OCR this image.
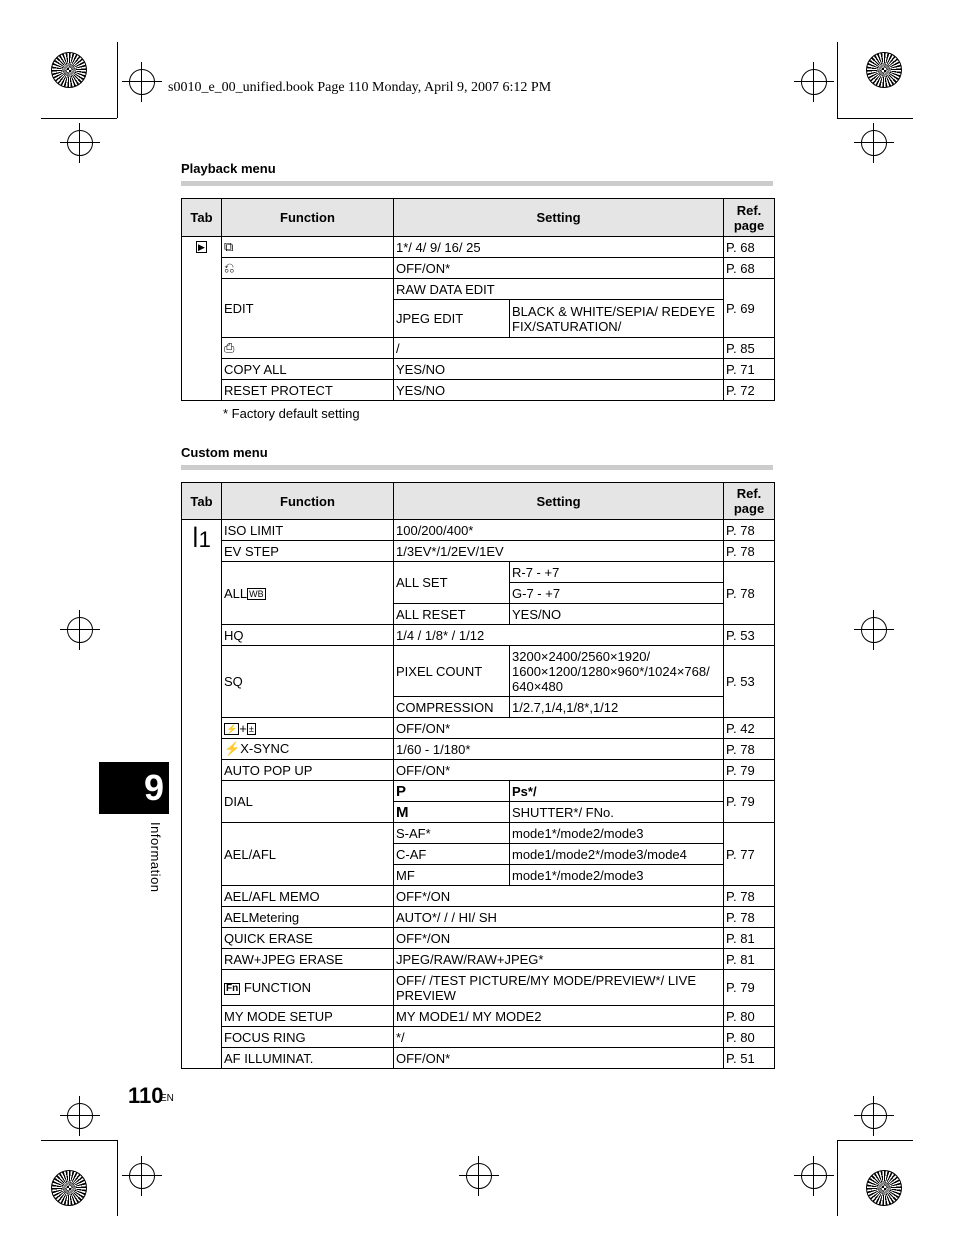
s0010_e_00_unified.book Page 110 Monday, April 9, 2007 6:12 PM
Playback menu
Tab	Function	Setting		Ref. page
▶	⧉	1*/ 4/ 9/ 16/ 25		P. 68
	⎌	OFF/ON*		P. 68
	EDIT	RAW DATA EDIT		P. 69
		JPEG EDIT	BLACK & WHITE/SEPIA/ REDEYE FIX/SATURATION/	
	⎙	/		P. 85
	COPY ALL	YES/NO		P. 71
	RESET PROTECT	YES/NO		P. 72
* Factory default setting
Custom menu
Tab	Function	Setting		Ref. page
ꟾ1	ISO LIMIT	100/200/400*		P. 78
	EV STEP	1/3EV*/1/2EV/1EV		P. 78
	ALL WB	ALL SET	R-7 - +7	P. 78
			G-7 - +7	
		ALL RESET	YES/NO	
	HQ	1/4 / 1/8* / 1/12		P. 53
	SQ	PIXEL COUNT	3200×2400/2560×1920/ 1600×1200/1280×960*/1024×768/ 640×480	P. 53
		COMPRESSION	1/2.7,1/4,1/8*,1/12	
	⚡ + ±	OFF/ON*		P. 42
	⚡X-SYNC	1/60 - 1/180*		P. 78
	AUTO POP UP	OFF/ON*		P. 79
	DIAL	P	Ps*/	P. 79
		M	SHUTTER*/ FNo.	
	AEL/AFL	S-AF*	mode1*/mode2/mode3	P. 77
		C-AF	mode1/mode2*/mode3/mode4	
		MF	mode1*/mode2/mode3	
	AEL/AFL MEMO	OFF*/ON		P. 78
	AELMetering	AUTO*/ / / HI/ SH		P. 78
	QUICK ERASE	OFF*/ON		P. 81
	RAW+JPEG ERASE	JPEG/RAW/RAW+JPEG*		P. 81
	Fn FUNCTION	OFF/ /TEST PICTURE/MY MODE/PREVIEW*/ LIVE PREVIEW		P. 79
	MY MODE SETUP	MY MODE1/ MY MODE2		P. 80
	FOCUS RING	*/		P. 80
	AF ILLUMINAT.	OFF/ON*		P. 51
9
Information
110
EN
